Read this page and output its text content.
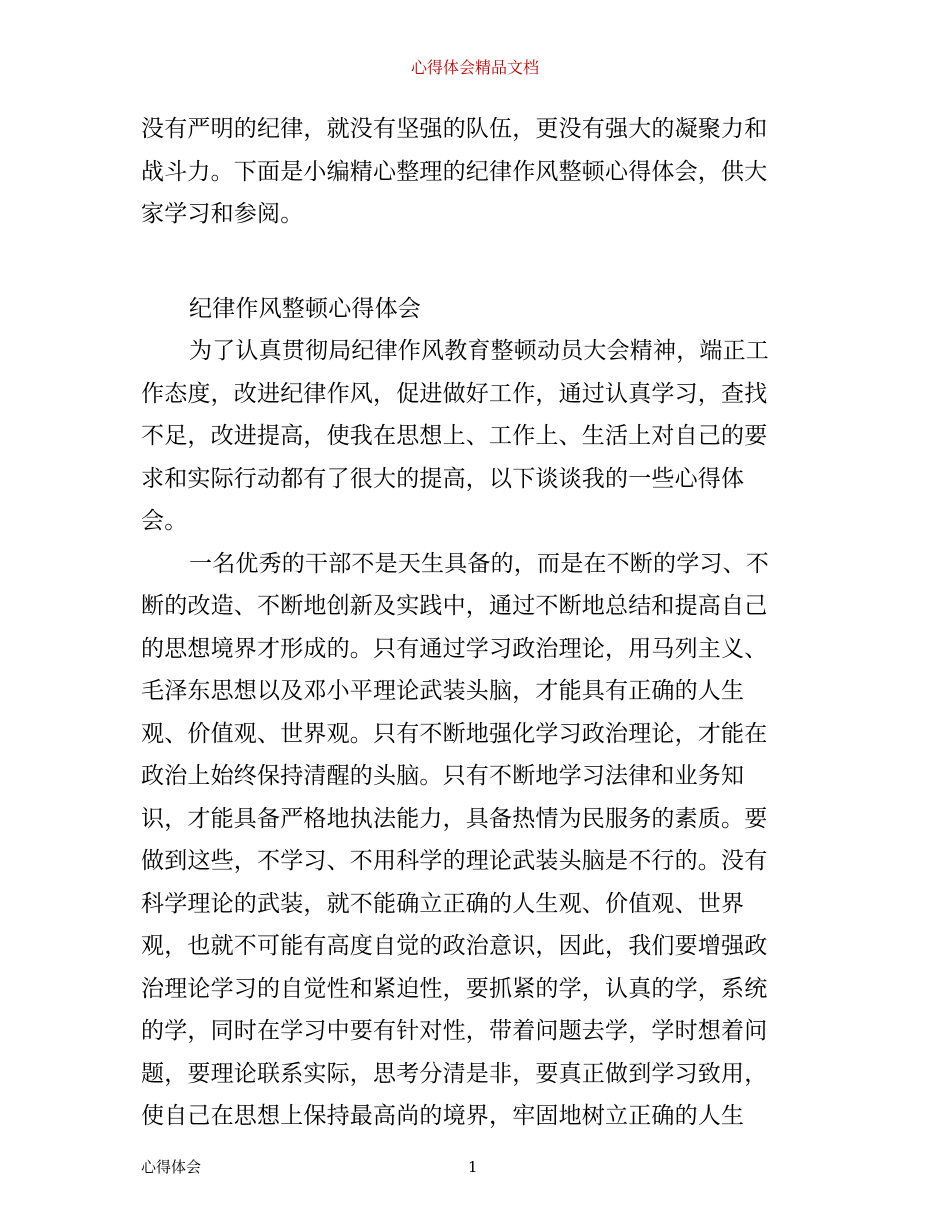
心得体会精品文档
没有严明的纪律，就没有坚强的队伍，更没有强大的凝聚力和
战斗力。下面是小编精心整理的纪律作风整顿心得体会，供大
家学习和参阅。
纪律作风整顿心得体会
为了认真贯彻局纪律作风教育整顿动员大会精神，端正工
作态度，改进纪律作风，促进做好工作，通过认真学习，查找
不足，改进提高，使我在思想上、工作上、生活上对自己的要
求和实际行动都有了很大的提高，以下谈谈我的一些心得体
会。
一名优秀的干部不是天生具备的，而是在不断的学习、不
断的改造、不断地创新及实践中，通过不断地总结和提高自己
的思想境界才形成的。只有通过学习政治理论，用马列主义、
毛泽东思想以及邓小平理论武装头脑，才能具有正确的人生
观、价值观、世界观。只有不断地强化学习政治理论，才能在
政治上始终保持清醒的头脑。只有不断地学习法律和业务知
识，才能具备严格地执法能力，具备热情为民服务的素质。要
做到这些，不学习、不用科学的理论武装头脑是不行的。没有
科学理论的武装，就不能确立正确的人生观、价值观、世界
观，也就不可能有高度自觉的政治意识，因此，我们要增强政
治理论学习的自觉性和紧迫性，要抓紧的学，认真的学，系统
的学，同时在学习中要有针对性，带着问题去学，学时想着问
题，要理论联系实际，思考分清是非，要真正做到学习致用，
使自己在思想上保持最高尚的境界，牢固地树立正确的人生
心得体会	1
